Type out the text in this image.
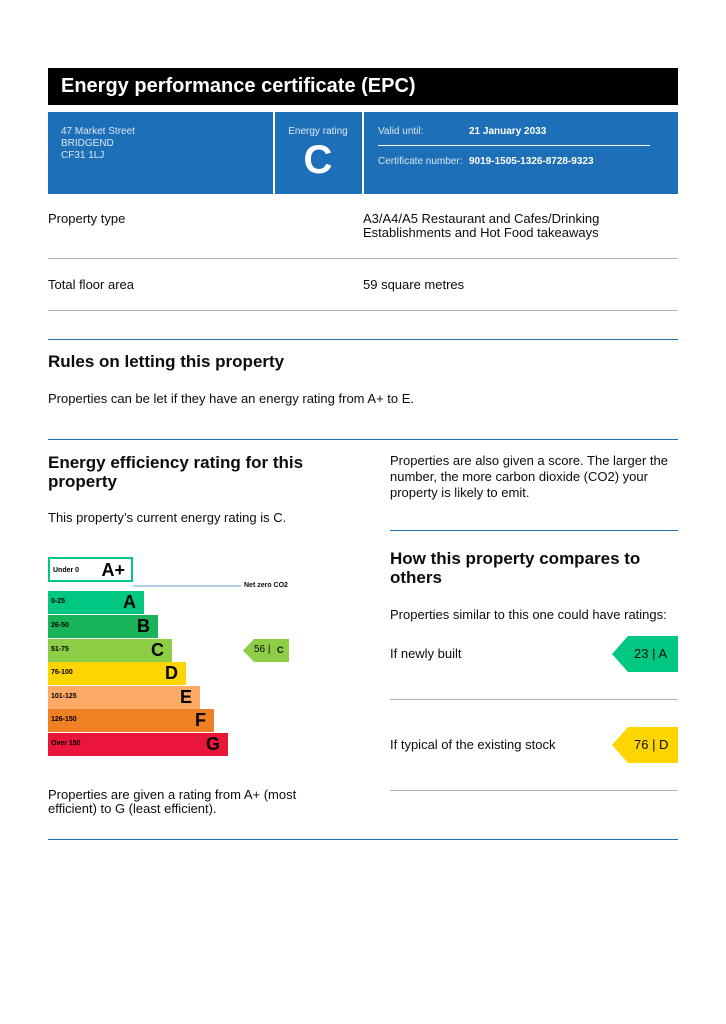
Energy performance certificate (EPC)
47 Market Street
BRIDGEND
CF31 1LJ
Energy rating
C
Valid until:	21 January 2033
Certificate number: 9019-1505-1326-8728-9323
Property type	A3/A4/A5 Restaurant and Cafes/Drinking
Establishments and Hot Food takeaways
Total floor area	59 square metres
Rules on letting this property
Properties can be let if they have an energy rating from A+ to E.
Energy efficiency rating for this
property
This property’s current energy rating is C.
Under 0 A+
Net zero CO2
0-25	A
26-50	B
51-75	C
76-100	D
101-125	E
126-150	F
Over 150	G
56 | C
Properties are given a rating from A+ (most
efficient) to G (least efficient).
Properties are also given a score. The larger the
number, the more carbon dioxide (CO2) your
property is likely to emit.
How this property compares to
others
Properties similar to this one could have ratings:
If newly built	23 | A
If typical of the existing stock	76 | D
